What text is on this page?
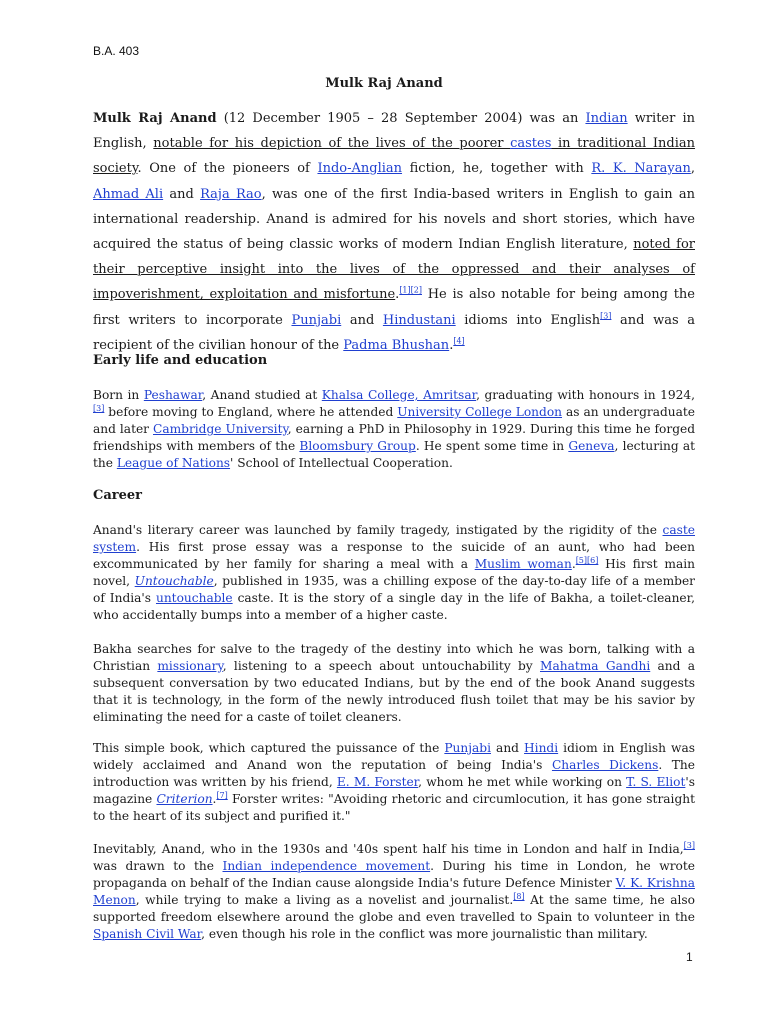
B.A. 403
Mulk Raj Anand

Mulk Raj Anand (12 December 1905 – 28 September 2004) was an Indian writer in English, notable for his depiction of the lives of the poorer castes in traditional Indian society. One of the pioneers of Indo-Anglian fiction, he, together with R. K. Narayan, Ahmad Ali and Raja Rao, was one of the first India-based writers in English to gain an international readership. Anand is admired for his novels and short stories, which have acquired the status of being classic works of modern Indian English literature, noted for their perceptive insight into the lives of the oppressed and their analyses of impoverishment, exploitation and misfortune.[1][2] He is also notable for being among the first writers to incorporate Punjabi and Hindustani idioms into English[3] and was a recipient of the civilian honour of the Padma Bhushan.[4]

Early life and education

Born in Peshawar, Anand studied at Khalsa College, Amritsar, graduating with honours in 1924,[3] before moving to England, where he attended University College London as an undergraduate and later Cambridge University, earning a PhD in Philosophy in 1929. During this time he forged friendships with members of the Bloomsbury Group. He spent some time in Geneva, lecturing at the League of Nations' School of Intellectual Cooperation.

Career

Anand's literary career was launched by family tragedy, instigated by the rigidity of the caste system. His first prose essay was a response to the suicide of an aunt, who had been excommunicated by her family for sharing a meal with a Muslim woman.[5][6] His first main novel, Untouchable, published in 1935, was a chilling expose of the day-to-day life of a member of India's untouchable caste. It is the story of a single day in the life of Bakha, a toilet-cleaner, who accidentally bumps into a member of a higher caste.

Bakha searches for salve to the tragedy of the destiny into which he was born, talking with a Christian missionary, listening to a speech about untouchability by Mahatma Gandhi and a subsequent conversation by two educated Indians, but by the end of the book Anand suggests that it is technology, in the form of the newly introduced flush toilet that may be his savior by eliminating the need for a caste of toilet cleaners.

This simple book, which captured the puissance of the Punjabi and Hindi idiom in English was widely acclaimed and Anand won the reputation of being India's Charles Dickens. The introduction was written by his friend, E. M. Forster, whom he met while working on T. S. Eliot's magazine Criterion.[7] Forster writes: "Avoiding rhetoric and circumlocution, it has gone straight to the heart of its subject and purified it."

Inevitably, Anand, who in the 1930s and '40s spent half his time in London and half in India,[3] was drawn to the Indian independence movement. During his time in London, he wrote propaganda on behalf of the Indian cause alongside India's future Defence Minister V. K. Krishna Menon, while trying to make a living as a novelist and journalist.[8] At the same time, he also supported freedom elsewhere around the globe and even travelled to Spain to volunteer in the Spanish Civil War, even though his role in the conflict was more journalistic than military.

1
